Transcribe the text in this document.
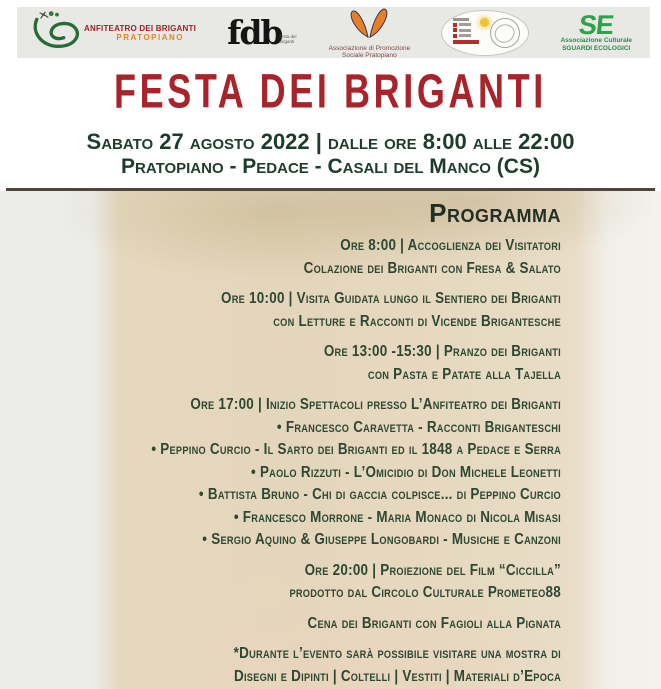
ANFITEATRO DEI BRIGANTI
PRATOPIANO	fdb
festa dei briganti
Associazione di Promozione
Sociale Pratopiano
SE
Associazione Culturale
SGUARDI ECOLOGICI
FESTA DEI BRIGANTI
Sabato 27 agosto 2022 | dalle ore 8:00 alle 22:00
Pratopiano - Pedace - Casali del Manco (CS)
Programma
Ore 8:00 | Accoglienza dei Visitatori
Colazione dei Briganti con Fresa & Salato
Ore 10:00 | Visita Guidata lungo il Sentiero dei Briganti
con Letture e Racconti di Vicende Brigantesche
Ore 13:00 -15:30 | Pranzo dei Briganti
con Pasta e Patate alla Tajella
Ore 17:00 | Inizio Spettacoli presso L’Anfiteatro dei Briganti
• Francesco Caravetta - Racconti Briganteschi
• Peppino Curcio - Il Sarto dei Briganti ed il 1848 a Pedace e Serra
• Paolo Rizzuti - L’Omicidio di Don Michele Leonetti
• Battista Bruno - Chi di gaccia colpisce... di Peppino Curcio
• Francesco Morrone - Maria Monaco di Nicola Misasi
• Sergio Aquino & Giuseppe Longobardi - Musiche e Canzoni
Ore 20:00 | Proiezione del Film “Ciccilla”
prodotto dal Circolo Culturale Prometeo88
Cena dei Briganti con Fagioli alla Pignata
*Durante l’evento sarà possibile visitare una mostra di
Disegni e Dipinti | Coltelli | Vestiti | Materiali d’Epoca
